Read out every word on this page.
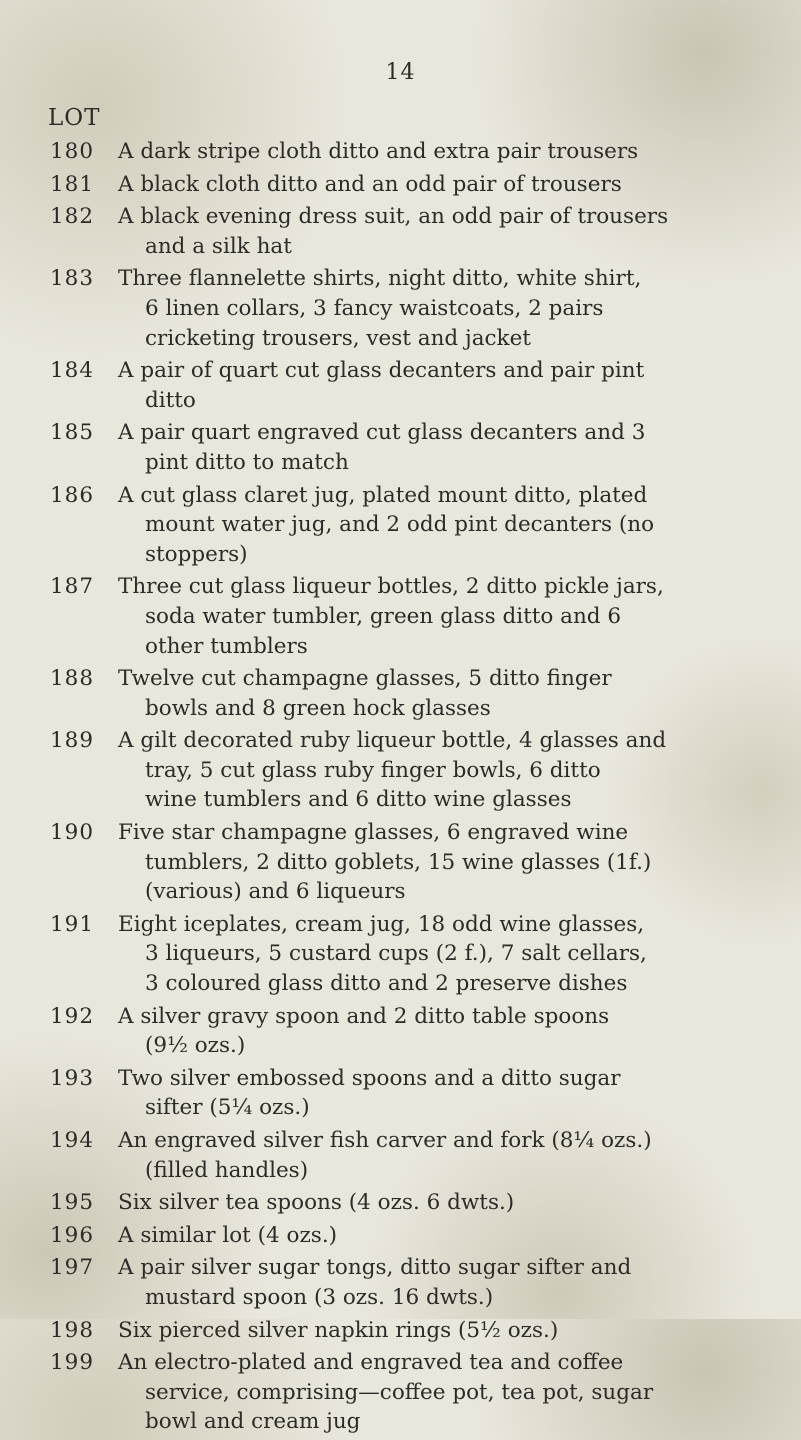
14
LOT
180	A dark stripe cloth ditto and extra pair trousers
181	A black cloth ditto and an odd pair of trousers
182	A black evening dress suit, an odd pair of trousers
and a silk hat
183	Three flannelette shirts, night ditto, white shirt,
6 linen collars, 3 fancy waistcoats, 2 pairs
cricketing trousers, vest and jacket
184	A pair of quart cut glass decanters and pair pint
ditto
185	A pair quart engraved cut glass decanters and 3
pint ditto to match
186	A cut glass claret jug, plated mount ditto, plated
mount water jug, and 2 odd pint decanters (no
stoppers)
187	Three cut glass liqueur bottles, 2 ditto pickle jars,
soda water tumbler, green glass ditto and 6
other tumblers
188	Twelve cut champagne glasses, 5 ditto finger
bowls and 8 green hock glasses
189	A gilt decorated ruby liqueur bottle, 4 glasses and
tray, 5 cut glass ruby finger bowls, 6 ditto
wine tumblers and 6 ditto wine glasses
190	Five star champagne glasses, 6 engraved wine
tumblers, 2 ditto goblets, 15 wine glasses (1f.)
(various) and 6 liqueurs
191	Eight iceplates, cream jug, 18 odd wine glasses,
3 liqueurs, 5 custard cups (2 f.), 7 salt cellars,
3 coloured glass ditto and 2 preserve dishes
192	A silver gravy spoon and 2 ditto table spoons
(9½ ozs.)
193	Two silver embossed spoons and a ditto sugar
sifter (5¼ ozs.)
194	An engraved silver fish carver and fork (8¼ ozs.)
(filled handles)
195	Six silver tea spoons (4 ozs. 6 dwts.)
196	A similar lot (4 ozs.)
197	A pair silver sugar tongs, ditto sugar sifter and
mustard spoon (3 ozs. 16 dwts.)
198	Six pierced silver napkin rings (5½ ozs.)
199	An electro-plated and engraved tea and coffee
service, comprising—coffee pot, tea pot, sugar
bowl and cream jug
